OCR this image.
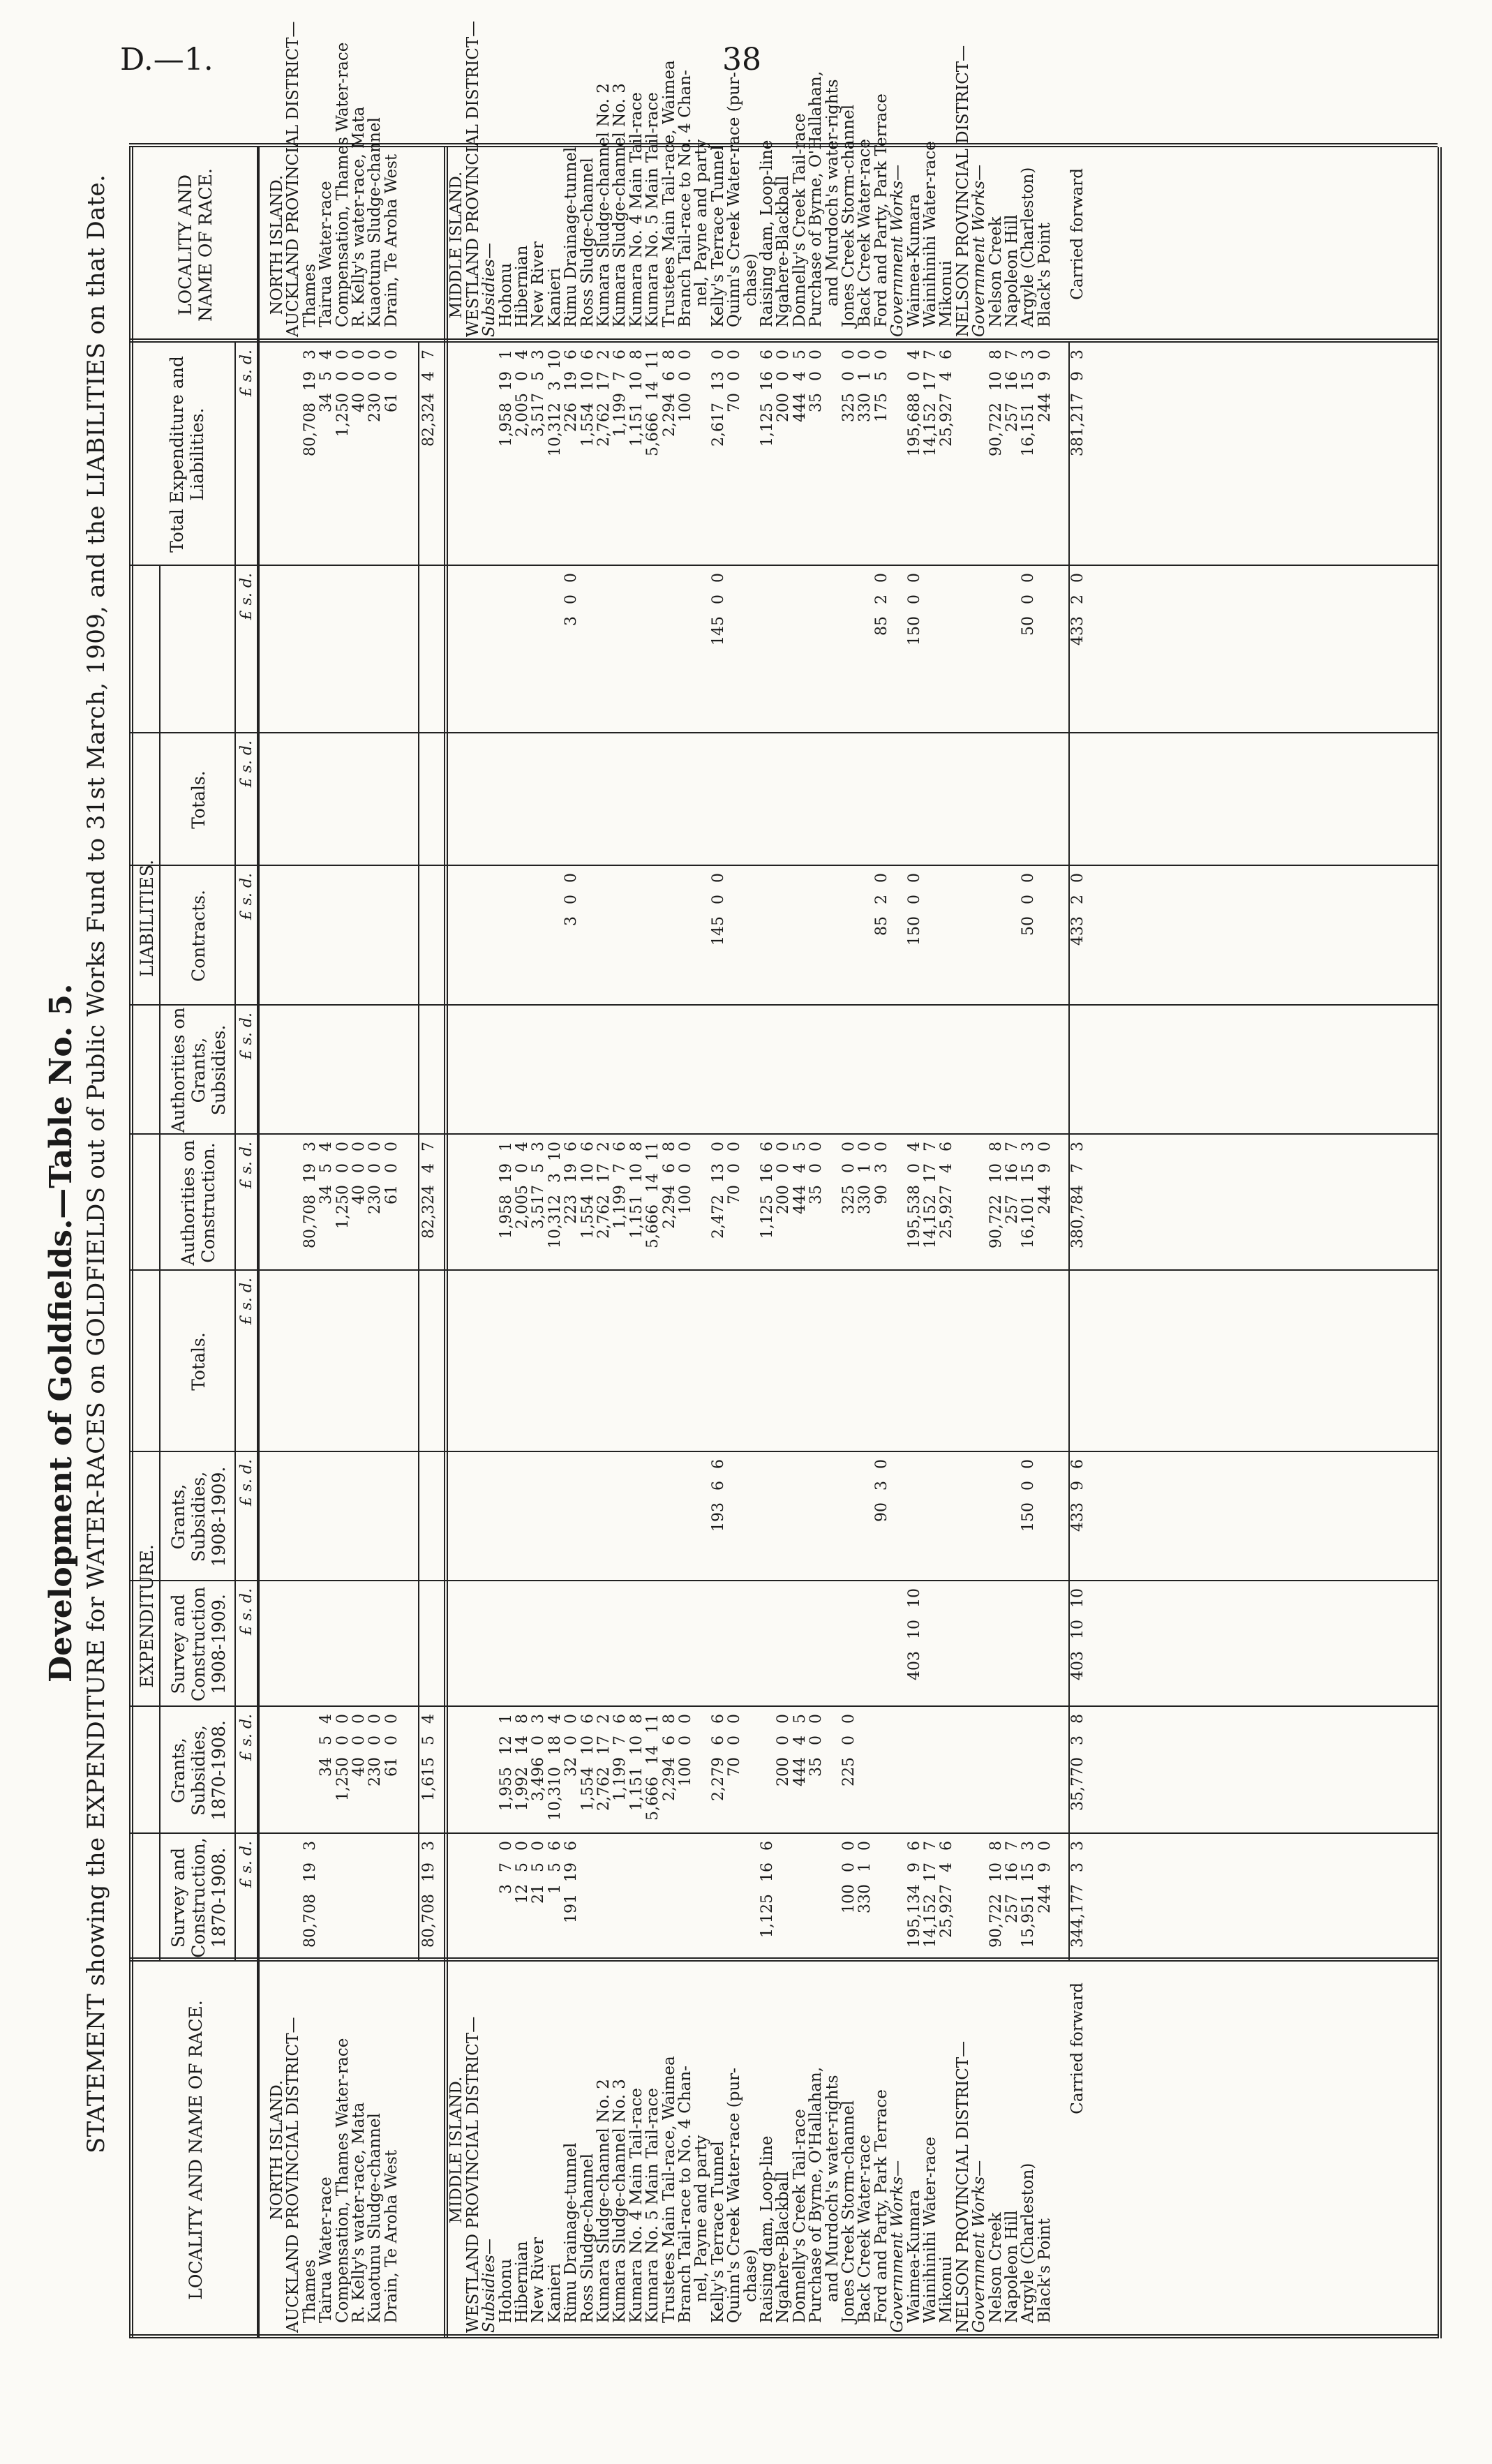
D.—1.	38
Development of Goldfields.—Table No. 5. STATEMENT showing the EXPENDITURE for WATER-RACES on GOLDFIELDS out of Public Works Fund to 31st March, 1909, and the LIABILITIES on that Date. EXPENDITURE.
LIABILITIES.
LOCALITY AND NAME OF RACE.
Total Expenditure and Liabilities.
LOCALITY AND NAME OF RACE.
Survey and Construction, 1870-1908.
Grants, Subsidies, 1870-1908.
Survey and Construction 1908-1909.
Grants, Subsidies, 1908-1909.
Totals.
Authorities on Construction.
Authorities on Grants, Subsidies.
Contracts.
Totals.
£ s. d.
£ s. d.
£ s. d.
£ s. d.
£ s. d.
£ s. d.
£ s. d.
£ s. d.
£ s. d.
£ s. d.
£ s. d.
NORTH ISLAND.
NORTH ISLAND.
AUCKLAND PROVINCIAL DISTRICT—
AUCKLAND PROVINCIAL DISTRICT—
Thames
Thames
80,708 19 3
80,708 19 3
80,708 19 3
Tairua Water-race
Tairua Water-race
34 5 4
34 5 4
34 5 4
Compensation, Thames Water-race
Compensation, Thames Water-race
1,250 0 0
1,250 0 0
1,250 0 0
R. Kelly's water-race, Mata
R. Kelly's water-race, Mata
40 0 0
40 0 0
40 0 0
Kuaotunu Sludge-channel
Kuaotunu Sludge-channel
230 0 0
230 0 0
230 0 0
Drain, Te Aroha West
Drain, Te Aroha West
61 0 0
61 0 0
61 0 0
80,708 19 3
1,615 5 4
82,324 4 7
82,324 4 7
MIDDLE ISLAND.
MIDDLE ISLAND.
WESTLAND PROVINCIAL DISTRICT—
WESTLAND PROVINCIAL DISTRICT—
Subsidies—
Subsidies—
Hohonu
Hohonu
3 7 0
1,955 12 1
1,958 19 1
1,958 19 1
Hibernian
Hibernian
12 5 0
1,992 14 8
2,005 0 4
2,005 0 4
New River
New River
21 5 0
3,496 0 3
3,517 5 3
3,517 5 3
Kanieri
Kanieri
1 5 6
10,310 18 4
10,312 3 10
10,312 3 10
Rimu Drainage-tunnel
Rimu Drainage-tunnel
191 19 6
32 0 0
223 19 6
3 0 0
3 0 0
226 19 6
Ross Sludge-channel
Ross Sludge-channel
1,554 10 6
1,554 10 6
1,554 10 6
Kumara Sludge-channel No. 2
Kumara Sludge-channel No. 2
2,762 17 2
2,762 17 2
2,762 17 2
Kumara Sludge-channel No. 3
Kumara Sludge-channel No. 3
1,199 7 6
1,199 7 6
1,199 7 6
Kumara No. 4 Main Tail-race
Kumara No. 4 Main Tail-race
1,151 10 8
1,151 10 8
1,151 10 8
Kumara No. 5 Main Tail-race
Kumara No. 5 Main Tail-race
5,666 14 11
5,666 14 11
5,666 14 11
Trustees Main Tail-race, Waimea
Trustees Main Tail-race, Waimea
2,294 6 8
2,294 6 8
2,294 6 8
Branch Tail-race to No. 4 Chan-
Branch Tail-race to No. 4 Chan-
100 0 0
100 0 0
100 0 0
nel, Payne and party
nel, Payne and party
Kelly's Terrace Tunnel
Kelly's Terrace Tunnel
2,279 6 6
193 6 6
2,472 13 0
145 0 0
145 0 0
2,617 13 0
Quinn's Creek Water-race (pur-
Quinn's Creek Water-race (pur-
70 0 0
70 0 0
70 0 0
chase)
chase)
Raising dam, Loop-line
Raising dam, Loop-line
1,125 16 6
1,125 16 6
1,125 16 6
Ngahere-Blackball
Ngahere-Blackball
200 0 0
200 0 0
200 0 0
Donnelly's Creek Tail-race
Donnelly's Creek Tail-race
444 4 5
444 4 5
444 4 5
Purchase of Byrne, O'Hallahan,
Purchase of Byrne, O'Hallahan,
35 0 0
35 0 0
35 0 0
and Murdoch's water-rights
and Murdoch's water-rights
Jones Creek Storm-channel
Jones Creek Storm-channel
100 0 0
225 0 0
325 0 0
325 0 0
Back Creek Water-race
Back Creek Water-race
330 1 0
330 1 0
330 1 0
Ford and Party, Park Terrace
Ford and Party, Park Terrace
90 3 0
90 3 0
85 2 0
85 2 0
175 5 0
Government Works—
Government Works—
Waimea-Kumara
Waimea-Kumara
195,134 9 6
403 10 10
195,538 0 4
150 0 0
150 0 0
195,688 0 4
Wainihinihi Water-race
Wainihinihi Water-race
14,152 17 7
14,152 17 7
14,152 17 7
Mikonui
Mikonui
25,927 4 6
25,927 4 6
25,927 4 6
NELSON PROVINCIAL DISTRICT—
NELSON PROVINCIAL DISTRICT—
Government Works—
Government Works—
Nelson Creek
Nelson Creek
90,722 10 8
90,722 10 8
90,722 10 8
Napoleon Hill
Napoleon Hill
257 16 7
257 16 7
257 16 7
Argyle (Charleston)
Argyle (Charleston)
15,951 15 3
150 0 0
16,101 15 3
50 0 0
50 0 0
16,151 15 3
Black's Point
Black's Point
244 9 0
244 9 0
244 9 0
Carried forward
Carried forward
344,177 3 3
35,770 3 8
403 10 10
433 9 6
380,784 7 3
433 2 0
433 2 0
381,217 9 3
